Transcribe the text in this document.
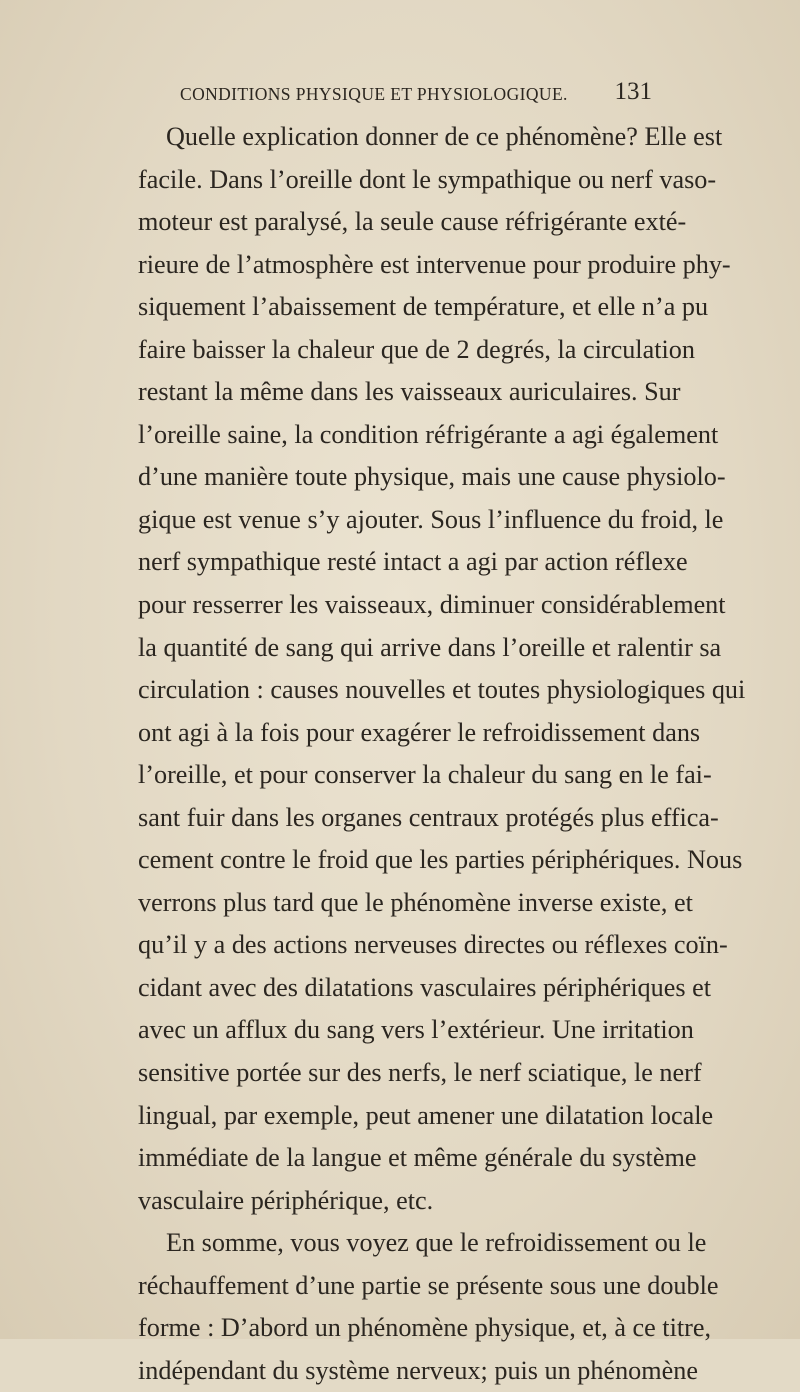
CONDITIONS PHYSIQUE ET PHYSIOLOGIQUE. 131
Quelle explication donner de ce phénomène? Elle est
facile. Dans l’oreille dont le sympathique ou nerf vaso-
moteur est paralysé, la seule cause réfrigérante exté-
rieure de l’atmosphère est intervenue pour produire phy-
siquement l’abaissement de température, et elle n’a pu
faire baisser la chaleur que de 2 degrés, la circulation
restant la même dans les vaisseaux auriculaires. Sur
l’oreille saine, la condition réfrigérante a agi également
d’une manière toute physique, mais une cause physiolo-
gique est venue s’y ajouter. Sous l’influence du froid, le
nerf sympathique resté intact a agi par action réflexe
pour resserrer les vaisseaux, diminuer considérablement
la quantité de sang qui arrive dans l’oreille et ralentir sa
circulation : causes nouvelles et toutes physiologiques qui
ont agi à la fois pour exagérer le refroidissement dans
l’oreille, et pour conserver la chaleur du sang en le fai-
sant fuir dans les organes centraux protégés plus effica-
cement contre le froid que les parties périphériques. Nous
verrons plus tard que le phénomène inverse existe, et
qu’il y a des actions nerveuses directes ou réflexes coïn-
cidant avec des dilatations vasculaires périphériques et
avec un afflux du sang vers l’extérieur. Une irritation
sensitive portée sur des nerfs, le nerf sciatique, le nerf
lingual, par exemple, peut amener une dilatation locale
immédiate de la langue et même générale du système
vasculaire périphérique, etc.
En somme, vous voyez que le refroidissement ou le
réchauffement d’une partie se présente sous une double
forme : D’abord un phénomène physique, et, à ce titre,
indépendant du système nerveux; puis un phénomène
